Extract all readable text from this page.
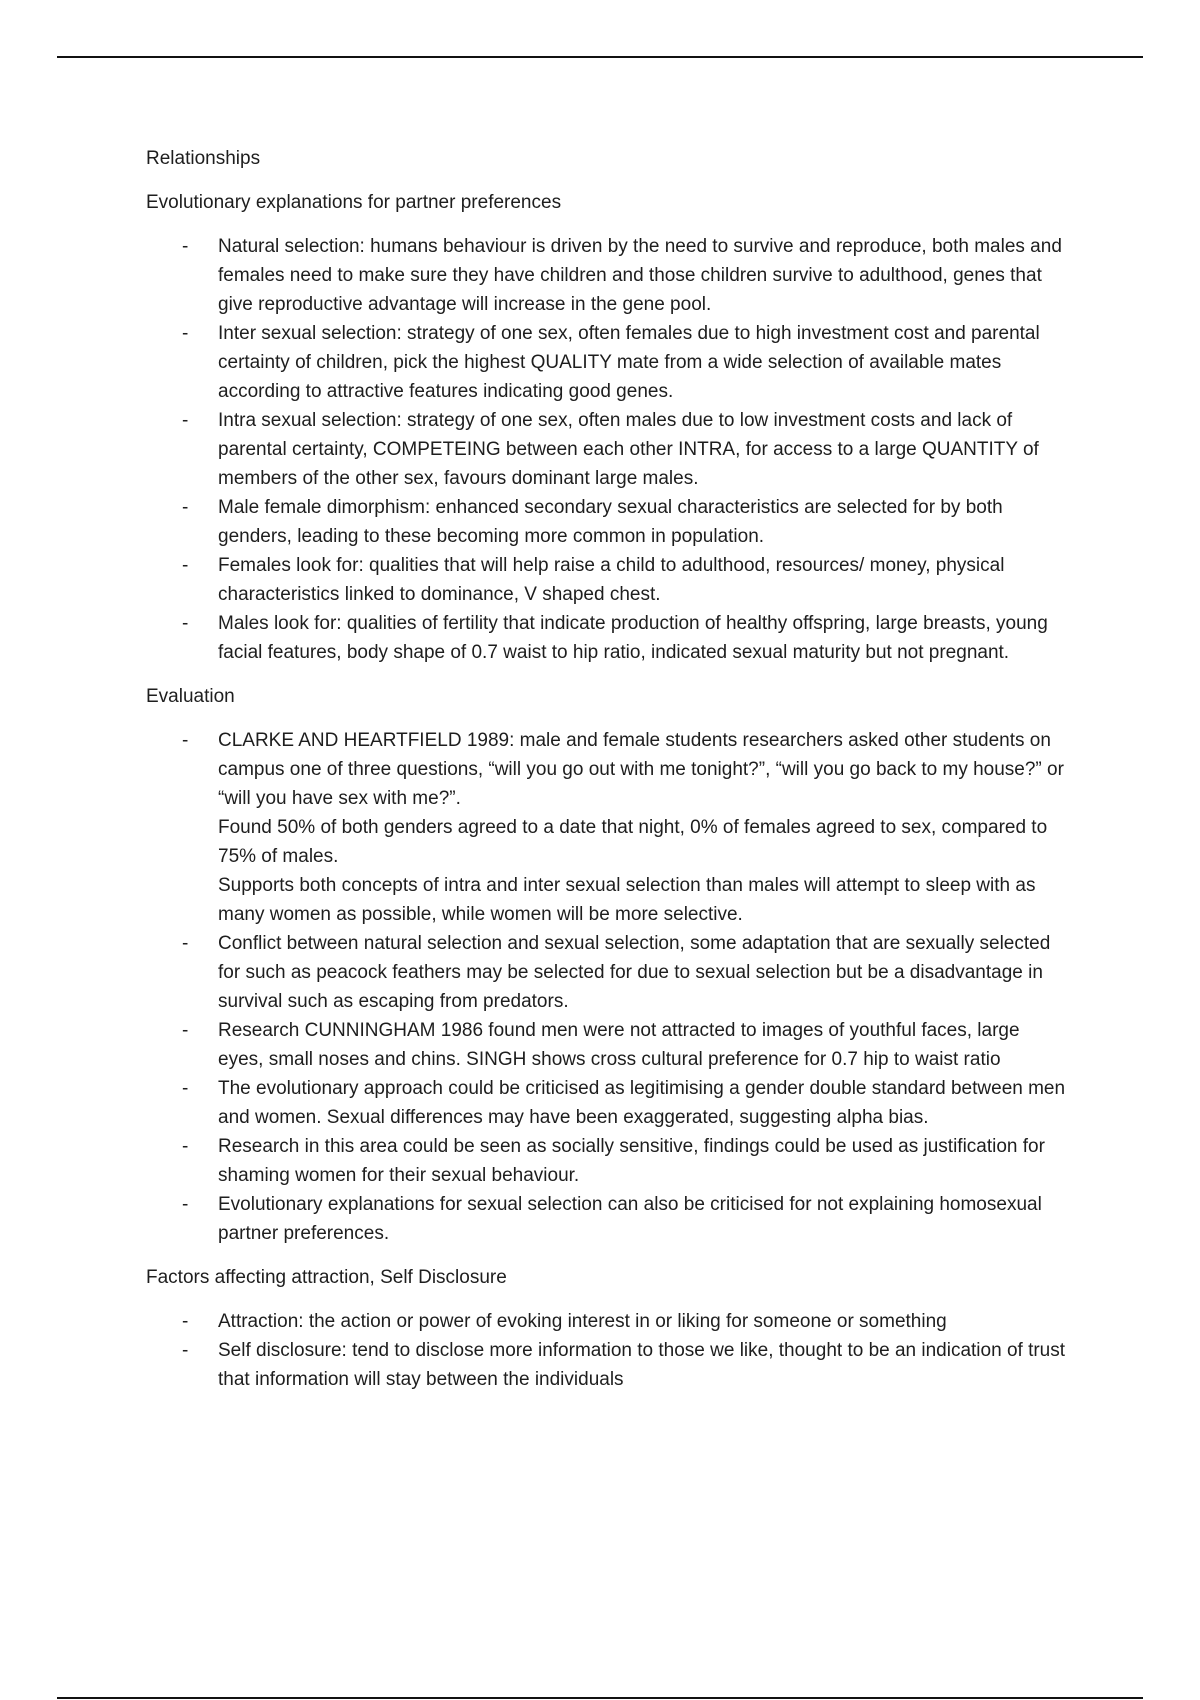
Relationships

Evolutionary explanations for partner preferences

- Natural selection: humans behaviour is driven by the need to survive and reproduce, both males and females need to make sure they have children and those children survive to adulthood, genes that give reproductive advantage will increase in the gene pool.
- Inter sexual selection: strategy of one sex, often females due to high investment cost and parental certainty of children, pick the highest QUALITY mate from a wide selection of available mates according to attractive features indicating good genes.
- Intra sexual selection: strategy of one sex, often males due to low investment costs and lack of parental certainty, COMPETEING between each other INTRA, for access to a large QUANTITY of members of the other sex, favours dominant large males.
- Male female dimorphism: enhanced secondary sexual characteristics are selected for by both genders, leading to these becoming more common in population.
- Females look for: qualities that will help raise a child to adulthood, resources/ money, physical characteristics linked to dominance, V shaped chest.
- Males look for: qualities of fertility that indicate production of healthy offspring, large breasts, young facial features, body shape of 0.7 waist to hip ratio, indicated sexual maturity but not pregnant.

Evaluation

- CLARKE AND HEARTFIELD 1989: male and female students researchers asked other students on campus one of three questions, “will you go out with me tonight?”, “will you go back to my house?” or “will you have sex with me?”.
Found 50% of both genders agreed to a date that night, 0% of females agreed to sex, compared to 75% of males.
Supports both concepts of intra and inter sexual selection than males will attempt to sleep with as many women as possible, while women will be more selective.
- Conflict between natural selection and sexual selection, some adaptation that are sexually selected for such as peacock feathers may be selected for due to sexual selection but be a disadvantage in survival such as escaping from predators.
- Research CUNNINGHAM 1986 found men were not attracted to images of youthful faces, large eyes, small noses and chins. SINGH shows cross cultural preference for 0.7 hip to waist ratio
- The evolutionary approach could be criticised as legitimising a gender double standard between men and women. Sexual differences may have been exaggerated, suggesting alpha bias.
- Research in this area could be seen as socially sensitive, findings could be used as justification for shaming women for their sexual behaviour.
- Evolutionary explanations for sexual selection can also be criticised for not explaining homosexual partner preferences.

Factors affecting attraction, Self Disclosure

- Attraction: the action or power of evoking interest in or liking for someone or something
- Self disclosure: tend to disclose more information to those we like, thought to be an indication of trust that information will stay between the individuals
